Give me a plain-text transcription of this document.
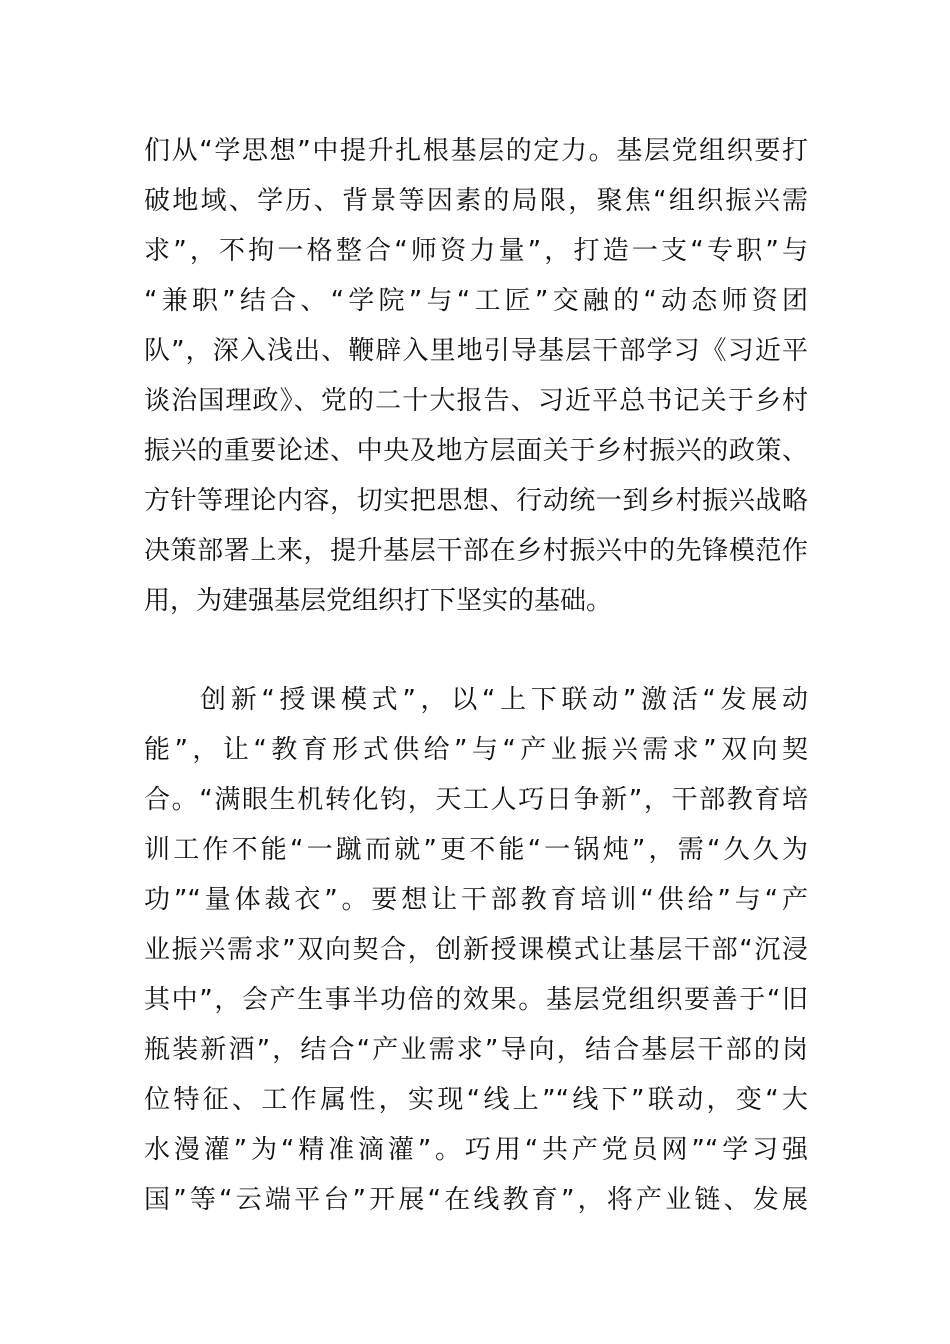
们从“学思想”中提升扎根基层的定力。基层党组织要打
破地域、学历、背景等因素的局限，聚焦“组织振兴需
求”，不拘一格整合“师资力量”，打造一支“专职”与
“兼职”结合、“学院”与“工匠”交融的“动态师资团
队”，深入浅出、鞭辟入里地引导基层干部学习《习近平
谈治国理政》、党的二十大报告、习近平总书记关于乡村
振兴的重要论述、中央及地方层面关于乡村振兴的政策、
方针等理论内容，切实把思想、行动统一到乡村振兴战略
决策部署上来，提升基层干部在乡村振兴中的先锋模范作
用，为建强基层党组织打下坚实的基础。
创新“授课模式”，以“上下联动”激活“发展动
能”，让“教育形式供给”与“产业振兴需求”双向契
合。“满眼生机转化钧，天工人巧日争新”，干部教育培
训工作不能“一蹴而就”更不能“一锅炖”，需“久久为
功”“量体裁衣”。要想让干部教育培训“供给”与“产
业振兴需求”双向契合，创新授课模式让基层干部“沉浸
其中”，会产生事半功倍的效果。基层党组织要善于“旧
瓶装新酒”，结合“产业需求”导向，结合基层干部的岗
位特征、工作属性，实现“线上”“线下”联动，变“大
水漫灌”为“精准滴灌”。巧用“共产党员网”“学习强
国”等“云端平台”开展“在线教育”，将产业链、发展
